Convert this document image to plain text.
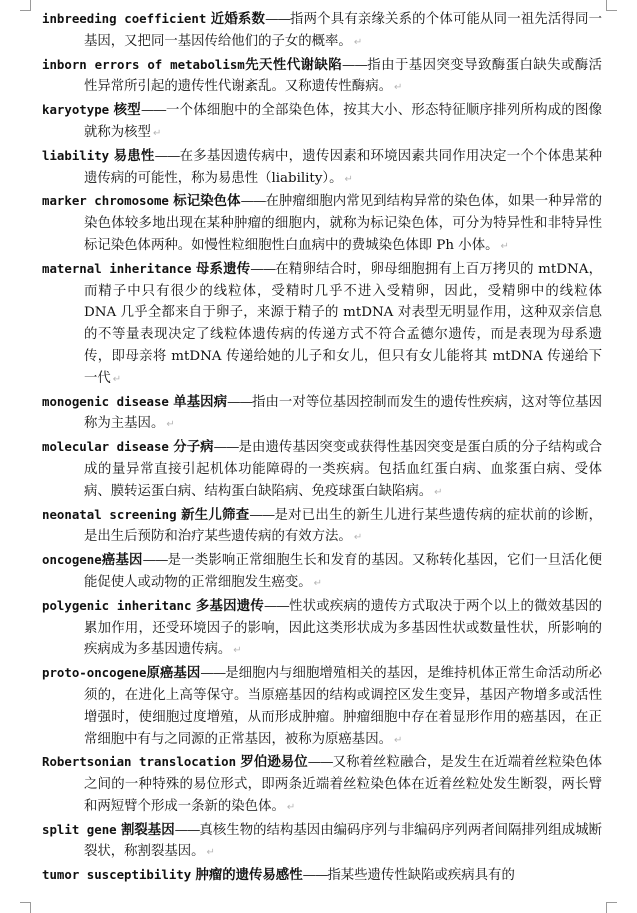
inbreeding coefficient 近婚系数——指两个具有亲缘关系的个体可能从同一祖先活得同一基因，又把同一基因传给他们的子女的概率。 ↵

inborn errors of metabolism先天性代谢缺陷——指由于基因突变导致酶蛋白缺失或酶活性异常所引起的遗传性代谢紊乱。又称遗传性酶病。 ↵

karyotype 核型——一个体细胞中的全部染色体，按其大小、形态特征顺序排列所构成的图像就称为核型 ↵

liability 易患性——在多基因遗传病中，遗传因素和环境因素共同作用决定一个个体患某种遗传病的可能性，称为易患性（liability）。 ↵

marker chromosome 标记染色体——在肿瘤细胞内常见到结构异常的染色体，如果一种异常的染色体较多地出现在某种肿瘤的细胞内，就称为标记染色体，可分为特异性和非特异性标记染色体两种。如慢性粒细胞性白血病中的费城染色体即 Ph 小体。 ↵

maternal inheritance 母系遗传——在精卵结合时，卵母细胞拥有上百万拷贝的 mtDNA，而精子中只有很少的线粒体，受精时几乎不进入受精卵，因此，受精卵中的线粒体 DNA 几乎全都来自于卵子，来源于精子的 mtDNA 对表型无明显作用，这种双亲信息的不等量表现决定了线粒体遗传病的传递方式不符合孟德尔遗传，而是表现为母系遗传，即母亲将 mtDNA 传递给她的儿子和女儿，但只有女儿能将其 mtDNA 传递给下一代 ↵

monogenic disease 单基因病——指由一对等位基因控制而发生的遗传性疾病，这对等位基因称为主基因。 ↵

molecular disease 分子病——是由遗传基因突变或获得性基因突变是蛋白质的分子结构或合成的量异常直接引起机体功能障碍的一类疾病。包括血红蛋白病、血浆蛋白病、受体病、膜转运蛋白病、结构蛋白缺陷病、免疫球蛋白缺陷病。 ↵

neonatal screening 新生儿筛查——是对已出生的新生儿进行某些遗传病的症状前的诊断，是出生后预防和治疗某些遗传病的有效方法。 ↵

oncogene癌基因——是一类影响正常细胞生长和发育的基因。又称转化基因，它们一旦活化便能促使人或动物的正常细胞发生癌变。 ↵

polygenic inheritanc 多基因遗传——性状或疾病的遗传方式取决于两个以上的微效基因的累加作用，还受环境因子的影响，因此这类形状成为多基因性状或数量性状，所影响的疾病成为多基因遗传病。 ↵

proto-oncogene原癌基因——是细胞内与细胞增殖相关的基因，是维持机体正常生命活动所必须的，在进化上高等保守。当原癌基因的结构或调控区发生变异，基因产物增多或活性增强时，使细胞过度增殖，从而形成肿瘤。肿瘤细胞中存在着显形作用的癌基因，在正常细胞中有与之同源的正常基因，被称为原癌基因。 ↵

Robertsonian translocation 罗伯逊易位——又称着丝粒融合，是发生在近端着丝粒染色体之间的一种特殊的易位形式，即两条近端着丝粒染色体在近着丝粒处发生断裂，两长臂和两短臂个形成一条新的染色体。 ↵

split gene 割裂基因——真核生物的结构基因由编码序列与非编码序列两者间隔排列组成城断裂状，称割裂基因。 ↵

tumor susceptibility 肿瘤的遗传易感性——指某些遗传性缺陷或疾病具有的
